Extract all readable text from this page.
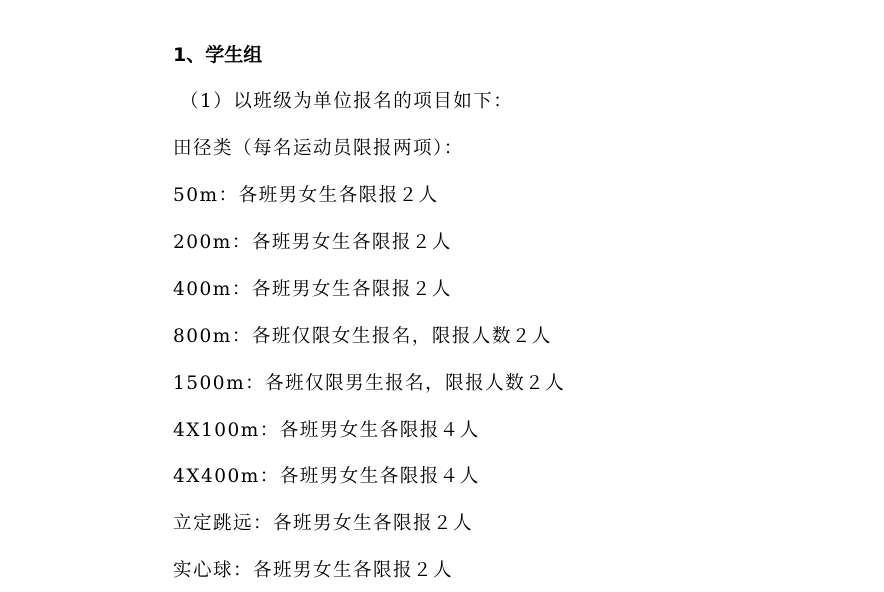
1、学生组
（1）以班级为单位报名的项目如下：
田径类（每名运动员限报两项）：
50m：各班男女生各限报２人
200m：各班男女生各限报２人
400m：各班男女生各限报２人
800m：各班仅限女生报名，限报人数２人
1500m：各班仅限男生报名，限报人数２人
4X100m：各班男女生各限报４人
4X400m：各班男女生各限报４人
立定跳远：各班男女生各限报２人
实心球：各班男女生各限报２人
